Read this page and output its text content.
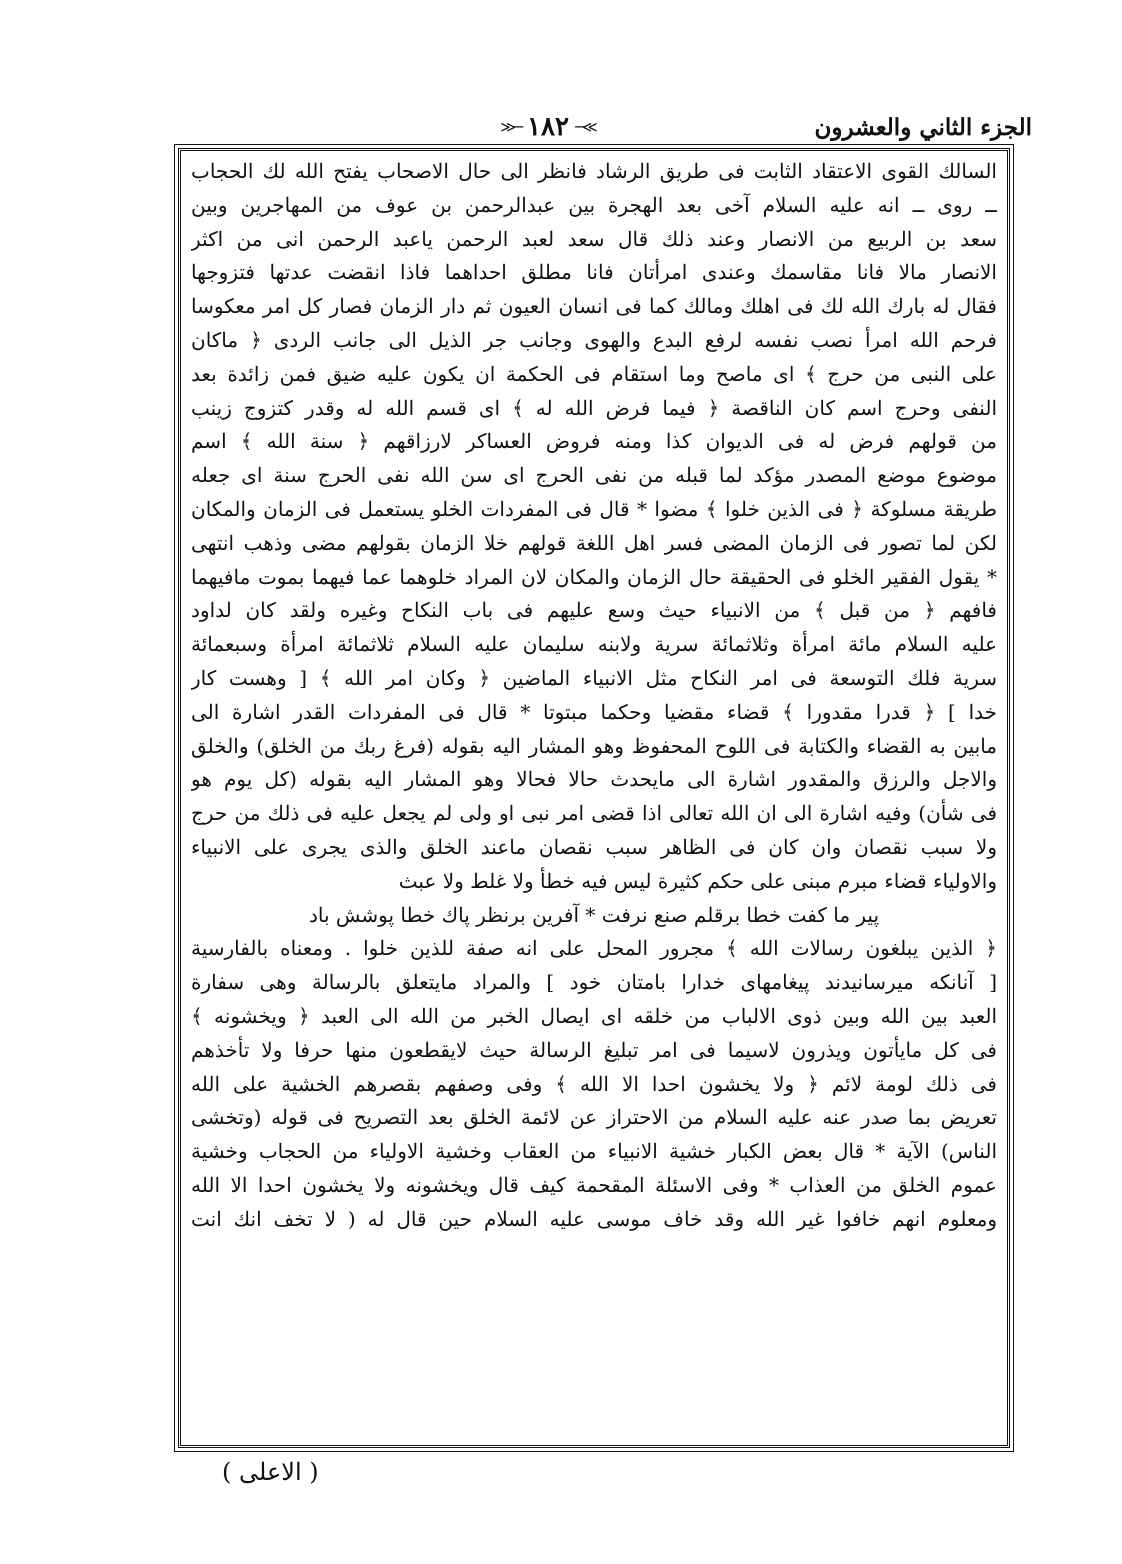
≫─ ١٨٢ ─≪	الجزء الثاني والعشرون
السالك القوى الاعتقاد الثابت فى طريق الرشاد فانظر الى حال الاصحاب يفتح الله لك الحجاب
ــ روى ــ انه عليه السلام آخى بعد الهجرة بين عبدالرحمن بن عوف من المهاجرين وبين
سعد بن الربيع من الانصار وعند ذلك قال سعد لعبد الرحمن ياعبد الرحمن انى من اكثر
الانصار مالا فانا مقاسمك وعندى امرأتان فانا مطلق احداهما فاذا انقضت عدتها فتزوجها
فقال له بارك الله لك فى اهلك ومالك كما فى انسان العيون ثم دار الزمان فصار كل امر معكوسا
فرحم الله امرأ نصب نفسه لرفع البدع والهوى وجانب جر الذيل الى جانب الردى ﴿ ماكان
على النبى من حرج ﴾ اى ماصح وما استقام فى الحكمة ان يكون عليه ضيق فمن زائدة بعد
النفى وحرج اسم كان الناقصة ﴿ فيما فرض الله له ﴾ اى قسم الله له وقدر كتزوج زينب
من قولهم فرض له فى الديوان كذا ومنه فروض العساكر لارزاقهم ﴿ سنة الله ﴾ اسم
موضوع موضع المصدر مؤكد لما قبله من نفى الحرج اى سن الله نفى الحرج سنة اى جعله
طريقة مسلوكة ﴿ فى الذين خلوا ﴾ مضوا * قال فى المفردات الخلو يستعمل فى الزمان والمكان
لكن لما تصور فى الزمان المضى فسر اهل اللغة قولهم خلا الزمان بقولهم مضى وذهب انتهى
* يقول الفقير الخلو فى الحقيقة حال الزمان والمكان لان المراد خلوهما عما فيهما بموت مافيهما
فافهم ﴿ من قبل ﴾ من الانبياء حيث وسع عليهم فى باب النكاح وغيره ولقد كان لداود
عليه السلام مائة امرأة وثلاثمائة سرية ولابنه سليمان عليه السلام ثلاثمائة امرأة وسبعمائة
سرية فلك التوسعة فى امر النكاح مثل الانبياء الماضين ﴿ وكان امر الله ﴾ [ وهست كار
خدا ] ﴿ قدرا مقدورا ﴾ قضاء مقضيا وحكما مبتوتا * قال فى المفردات القدر اشارة الى
مابين به القضاء والكتابة فى اللوح المحفوظ وهو المشار اليه بقوله (فرغ ربك من الخلق) والخلق
والاجل والرزق والمقدور اشارة الى مايحدث حالا فحالا وهو المشار اليه بقوله (كل يوم هو
فى شأن) وفيه اشارة الى ان الله تعالى اذا قضى امر نبى او ولى لم يجعل عليه فى ذلك من حرج
ولا سبب نقصان وان كان فى الظاهر سبب نقصان ماعند الخلق والذى يجرى على الانبياء
والاولياء قضاء مبرم مبنى على حكم كثيرة ليس فيه خطأ ولا غلط ولا عبث
پير ما كفت خطا برقلم صنع نرفت * آفرين برنظر پاك خطا پوشش باد
﴿ الذين يبلغون رسالات الله ﴾ مجرور المحل على انه صفة للذين خلوا . ومعناه بالفارسية
[ آنانكه ميرسانيدند پيغامهاى خدارا بامتان خود ] والمراد مايتعلق بالرسالة وهى سفارة
العبد بين الله وبين ذوى الالباب من خلقه اى ايصال الخبر من الله الى العبد ﴿ ويخشونه ﴾
فى كل مايأتون ويذرون لاسيما فى امر تبليغ الرسالة حيث لايقطعون منها حرفا ولا تأخذهم
فى ذلك لومة لائم ﴿ ولا يخشون احدا الا الله ﴾ وفى وصفهم بقصرهم الخشية على الله
تعريض بما صدر عنه عليه السلام من الاحتراز عن لائمة الخلق بعد التصريح فى قوله (وتخشى
الناس) الآية * قال بعض الكبار خشية الانبياء من العقاب وخشية الاولياء من الحجاب وخشية
عموم الخلق من العذاب * وفى الاسئلة المقحمة كيف قال ويخشونه ولا يخشون احدا الا الله
ومعلوم انهم خافوا غير الله وقد خاف موسى عليه السلام حين قال له ( لا تخف انك انت
( الاعلى )
